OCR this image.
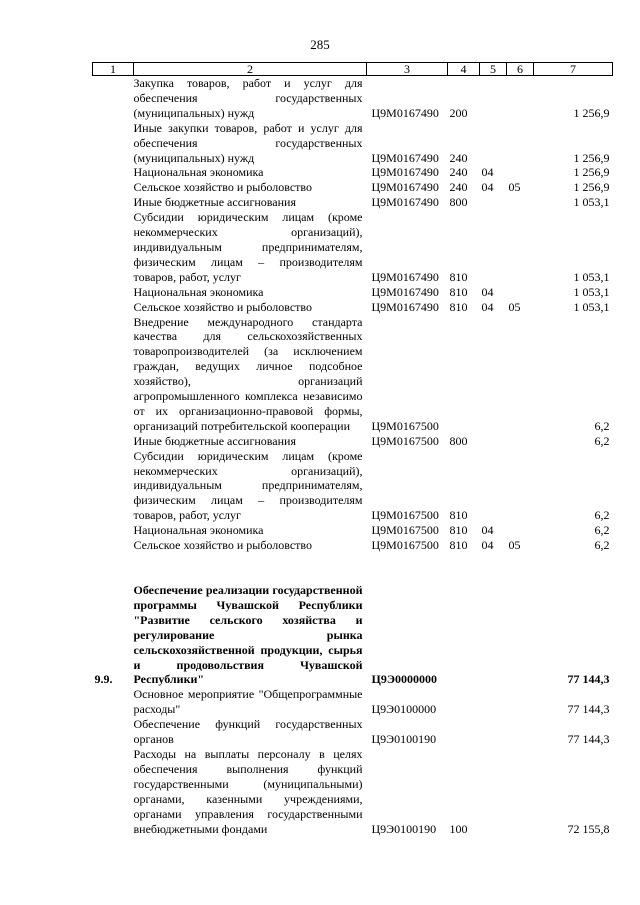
285
1	2	3	4	5	6	7
	Закупка товаров, работ и услуг для обеспечения государственных (муниципальных) нужд	Ц9М0167490	200			1 256,9
	Иные закупки товаров, работ и услуг для обеспечения государственных (муниципальных) нужд	Ц9М0167490	240			1 256,9
	Национальная экономика	Ц9М0167490	240	04		1 256,9
	Сельское хозяйство и рыболовство	Ц9М0167490	240	04	05	1 256,9
	Иные бюджетные ассигнования	Ц9М0167490	800			1 053,1
	Субсидии юридическим лицам (кроме некоммерческих организаций), индивидуальным предпринимателям, физическим лицам – производителям товаров, работ, услуг	Ц9М0167490	810			1 053,1
	Национальная экономика	Ц9М0167490	810	04		1 053,1
	Сельское хозяйство и рыболовство	Ц9М0167490	810	04	05	1 053,1
	Внедрение международного стандарта качества для сельскохозяйственных товаропроизводителей (за исключением граждан, ведущих личное подсобное хозяйство), организаций агропромышленного комплекса независимо от их организационно-правовой формы, организаций потребительской кооперации	Ц9М0167500				6,2
	Иные бюджетные ассигнования	Ц9М0167500	800			6,2
	Субсидии юридическим лицам (кроме некоммерческих организаций), индивидуальным предпринимателям, физическим лицам – производителям товаров, работ, услуг	Ц9М0167500	810			6,2
	Национальная экономика	Ц9М0167500	810	04		6,2
	Сельское хозяйство и рыболовство	Ц9М0167500	810	04	05	6,2

9.9.	Обеспечение реализации государственной программы Чувашской Республики "Развитие сельского хозяйства и регулирование рынка сельскохозяйственной продукции, сырья и продовольствия Чувашской Республики"	Ц9Э0000000				77 144,3
	Основное мероприятие "Общепрограммные расходы"	Ц9Э0100000				77 144,3
	Обеспечение функций государственных органов	Ц9Э0100190				77 144,3
	Расходы на выплаты персоналу в целях обеспечения выполнения функций государственными (муниципальными) органами, казенными учреждениями, органами управления государственными внебюджетными фондами	Ц9Э0100190	100			72 155,8
